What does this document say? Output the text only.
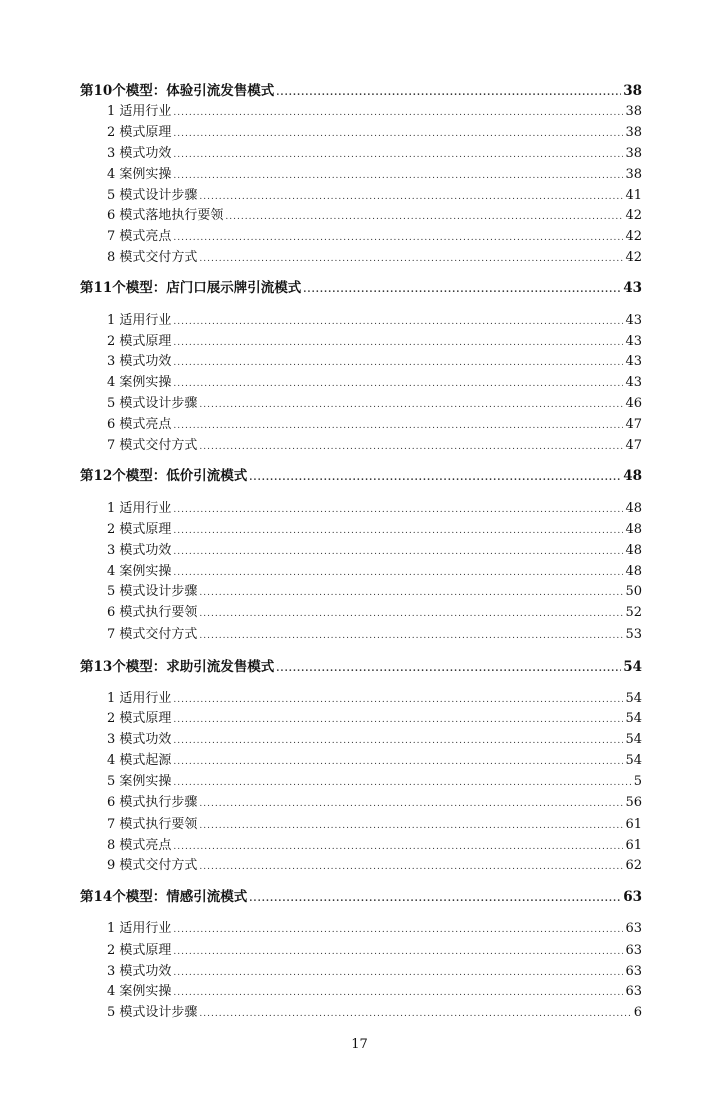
第10个模型：体验引流发售模式 .....	38
1 适用行业 .....	38
2 模式原理 .....	38
3 模式功效 .....	38
4 案例实操 .....	38
5 模式设计步骤 .....	41
6 模式落地执行要领 .....	42
7 模式亮点 .....	42
8 模式交付方式 .....	42
第11个模型：店门口展示牌引流模式 .....	43
1 适用行业 .....	43
2 模式原理 .....	43
3 模式功效 .....	43
4 案例实操 .....	43
5 模式设计步骤 .....	46
6 模式亮点 .....	47
7 模式交付方式 .....	47
第12个模型：低价引流模式 .....	48
1 适用行业 .....	48
2 模式原理 .....	48
3 模式功效 .....	48
4 案例实操 .....	48
5 模式设计步骤 .....	50
6 模式执行要领 .....	52
7 模式交付方式 .....	53
第13个模型：求助引流发售模式 .....	54
1 适用行业 .....	54
2 模式原理 .....	54
3 模式功效 .....	54
4 模式起源 .....	54
5 案例实操 .....	5
6 模式执行步骤 .....	56
7 模式执行要领 .....	61
8 模式亮点 .....	61
9 模式交付方式 .....	62
第14个模型：情感引流模式 .....	63
1 适用行业 .....	63
2 模式原理 .....	63
3 模式功效 .....	63
4 案例实操 .....	63
5 模式设计步骤 .....	6
17
